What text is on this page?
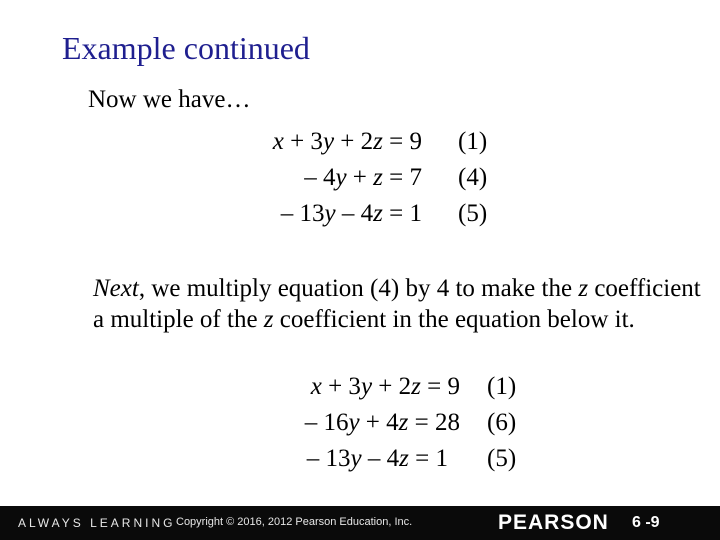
Example continued
Now we have…
x + 3y + 2z = 9 (1)
– 4y + z = 7 (4)
– 13y – 4z = 1 (5)
Next, we multiply equation (4) by 4 to make the z coefficient a multiple of the z coefficient in the equation below it.
x + 3y + 2z = 9 (1)
– 16y + 4z = 28 (6)
– 13y – 4z = 1 (5)
ALWAYS LEARNING Copyright © 2016, 2012 Pearson Education, Inc.	PEARSON 6 -9
